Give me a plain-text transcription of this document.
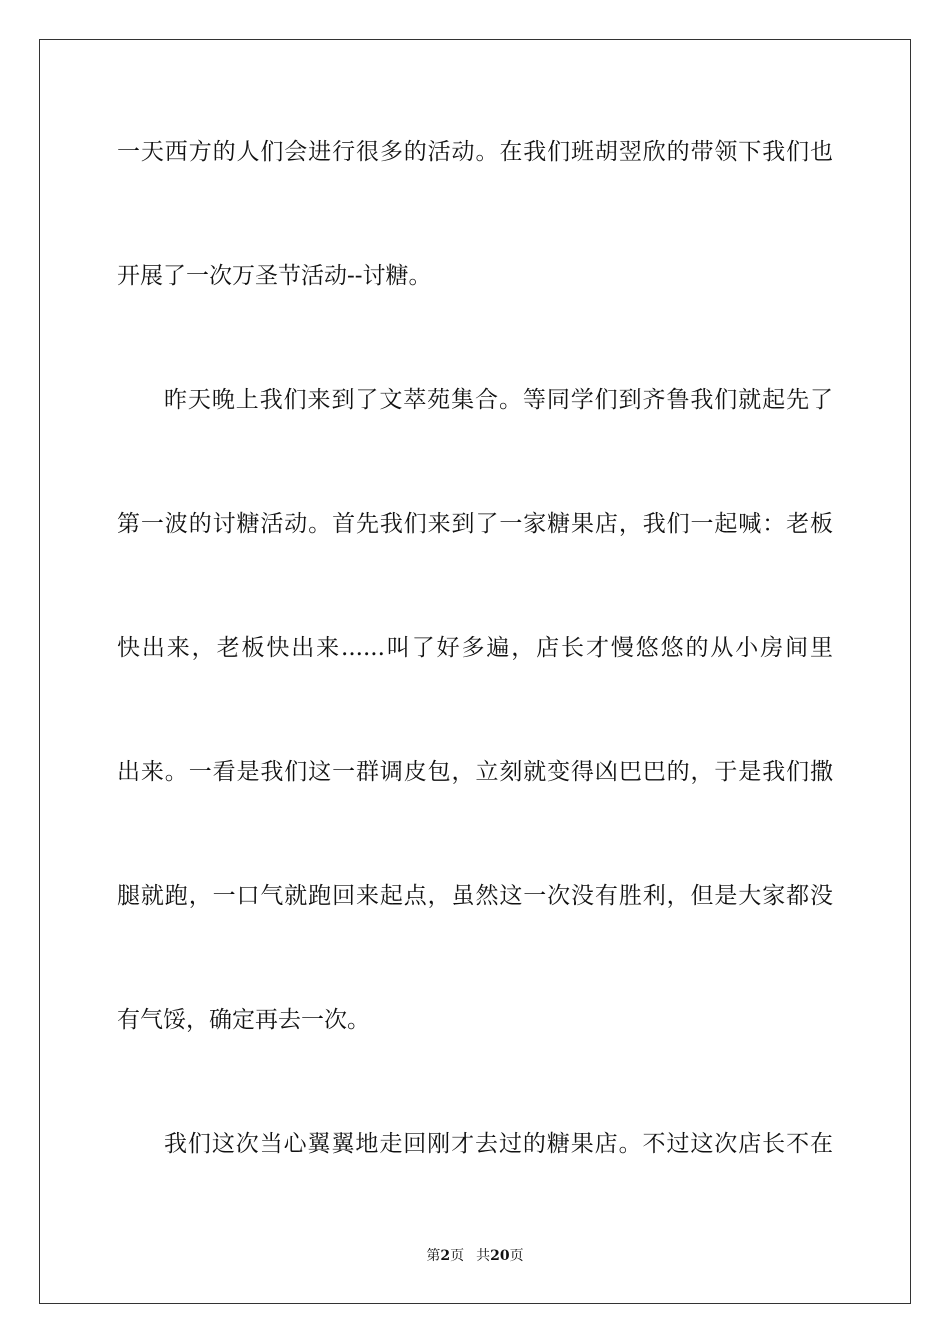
一天西方的人们会进行很多的活动。在我们班胡翌欣的带领下我们也
开展了一次万圣节活动--讨糖。
昨天晚上我们来到了文萃苑集合。等同学们到齐鲁我们就起先了
第一波的讨糖活动。首先我们来到了一家糖果店，我们一起喊：老板
快出来，老板快出来......叫了好多遍，店长才慢悠悠的从小房间里
出来。一看是我们这一群调皮包，立刻就变得凶巴巴的，于是我们撒
腿就跑，一口气就跑回来起点，虽然这一次没有胜利，但是大家都没
有气馁，确定再去一次。
我们这次当心翼翼地走回刚才去过的糖果店。不过这次店长不在
第2页 共20页
